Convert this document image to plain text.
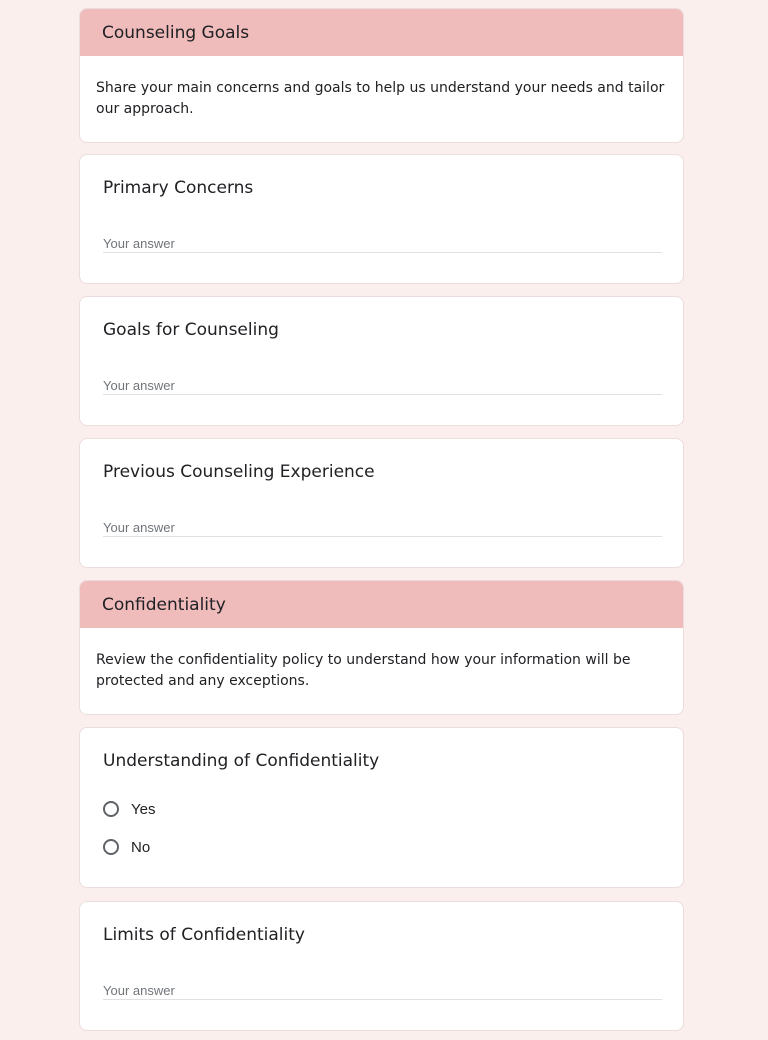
Counseling Goals
Share your main concerns and goals to help us understand your needs and tailor our approach.
Primary Concerns
Your answer
Goals for Counseling
Your answer
Previous Counseling Experience
Your answer
Confidentiality
Review the confidentiality policy to understand how your information will be protected and any exceptions.
Understanding of Confidentiality
Yes
No
Limits of Confidentiality
Your answer
